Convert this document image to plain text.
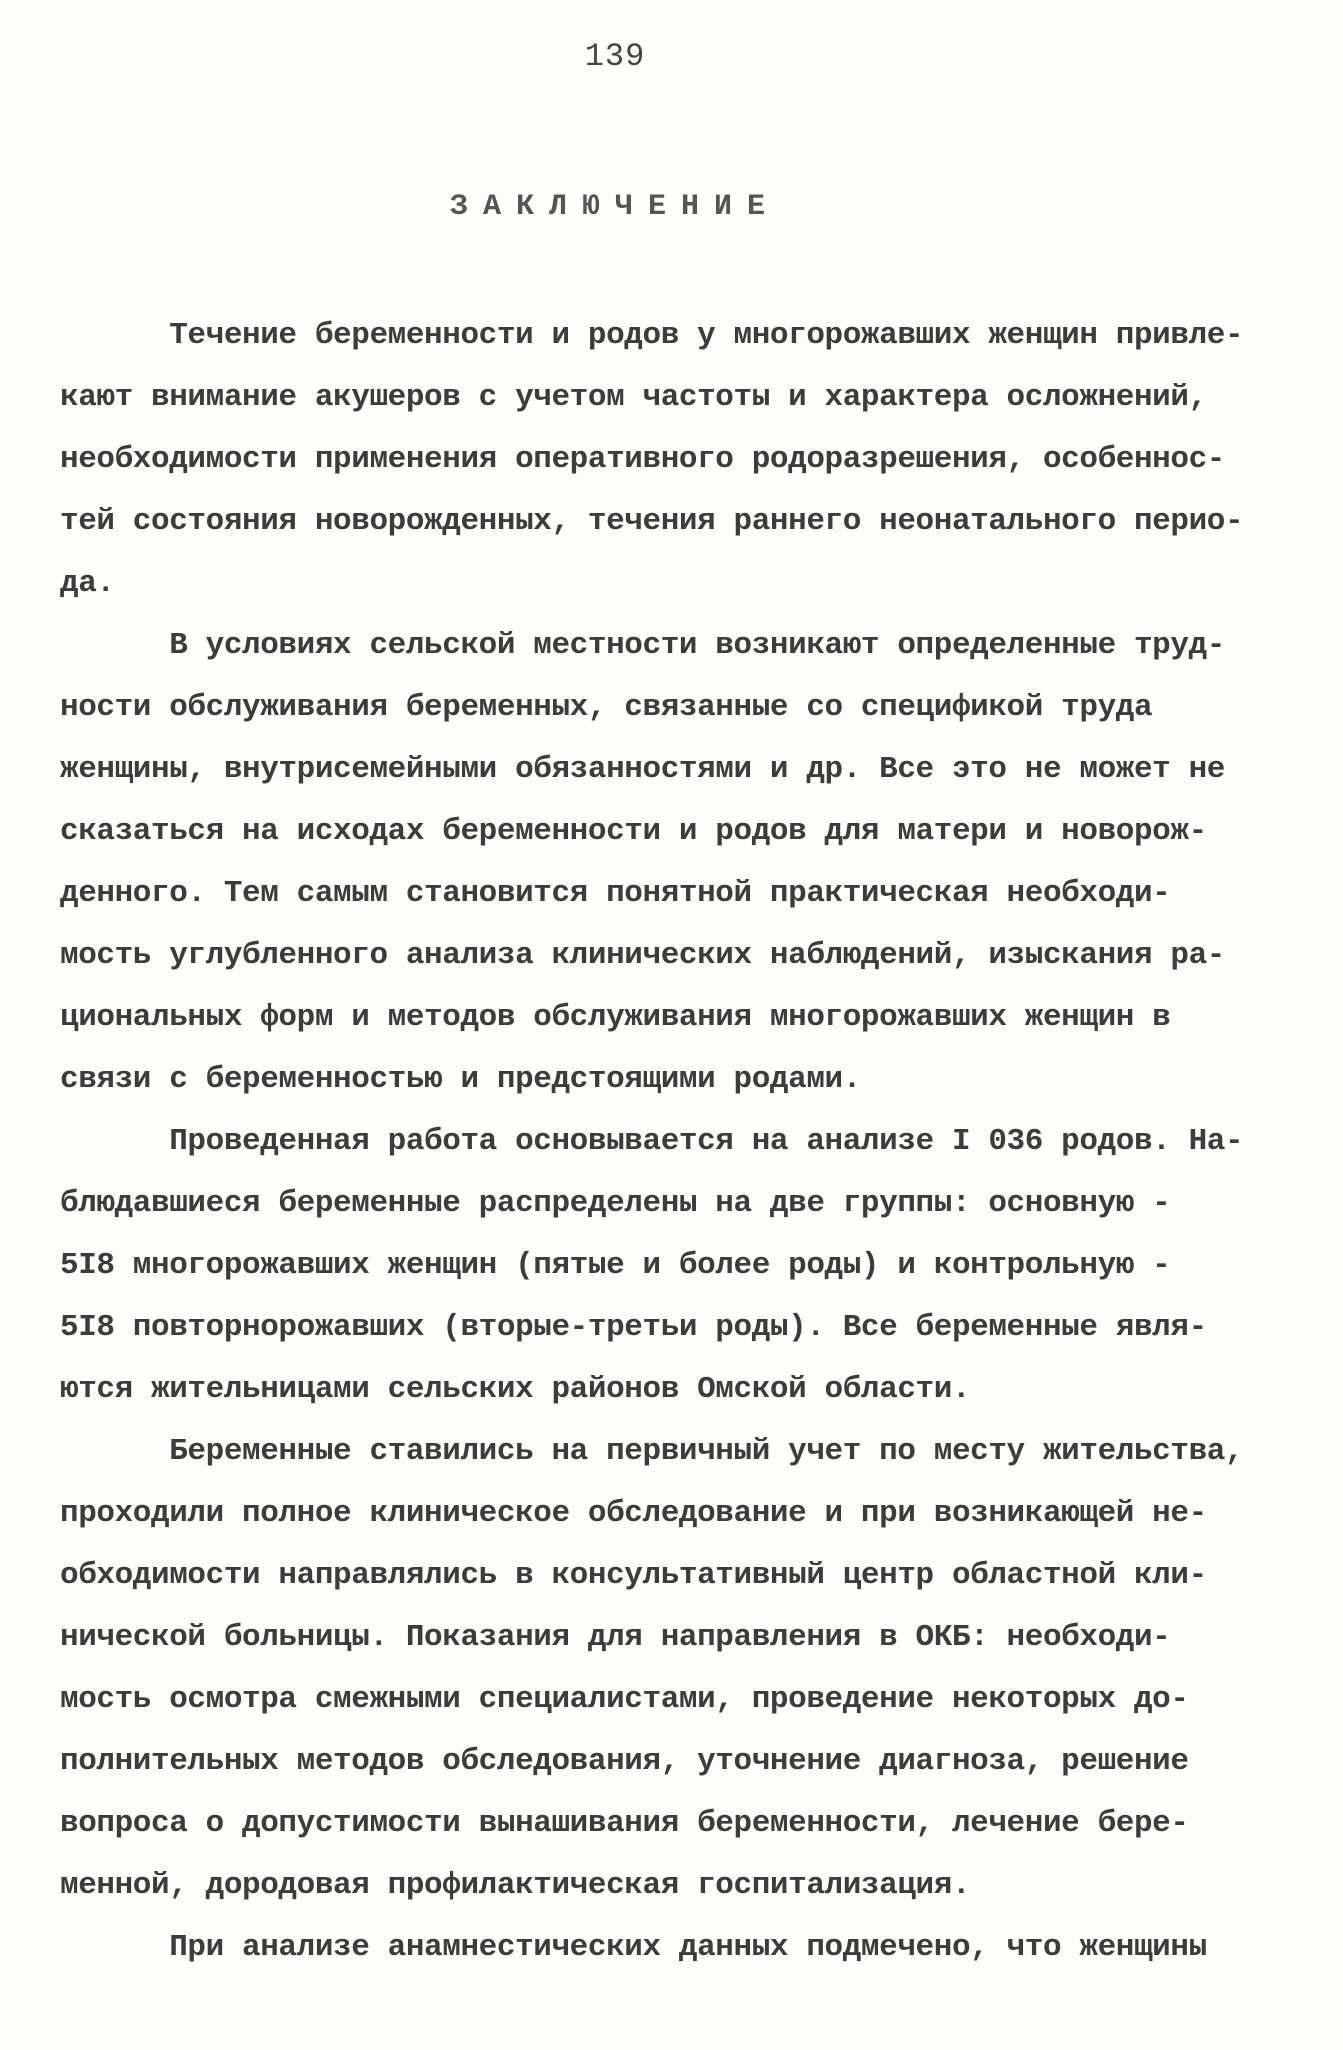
139
ЗАКЛЮЧЕНИЕ
Течение беременности и родов у многорожавших женщин привле-
кают внимание акушеров с учетом частоты и характера осложнений,
необходимости применения оперативного родоразрешения, особеннос-
тей состояния новорожденных, течения раннего неонатального перио-
да.
В условиях сельской местности возникают определенные труд-
ности обслуживания беременных, связанные со спецификой труда
женщины, внутрисемейными обязанностями и др. Все это не может не
сказаться на исходах беременности и родов для матери и новорож-
денного. Тем самым становится понятной практическая необходи-
мость углубленного анализа клинических наблюдений, изыскания ра-
циональных форм и методов обслуживания многорожавших женщин в
связи с беременностью и предстоящими родами.
Проведенная работа основывается на анализе I 036 родов. На-
блюдавшиеся беременные распределены на две группы: основную -
5I8 многорожавших женщин (пятые и более роды) и контрольную -
5I8 повторнорожавших (вторые-третьи роды). Все беременные явля-
ются жительницами сельских районов Омской области.
Беременные ставились на первичный учет по месту жительства,
проходили полное клиническое обследование и при возникающей не-
обходимости направлялись в консультативный центр областной кли-
нической больницы. Показания для направления в ОКБ: необходи-
мость осмотра смежными специалистами, проведение некоторых до-
полнительных методов обследования, уточнение диагноза, решение
вопроса о допустимости вынашивания беременности, лечение бере-
менной, дородовая профилактическая госпитализация.
При анализе анамнестических данных подмечено, что женщины
